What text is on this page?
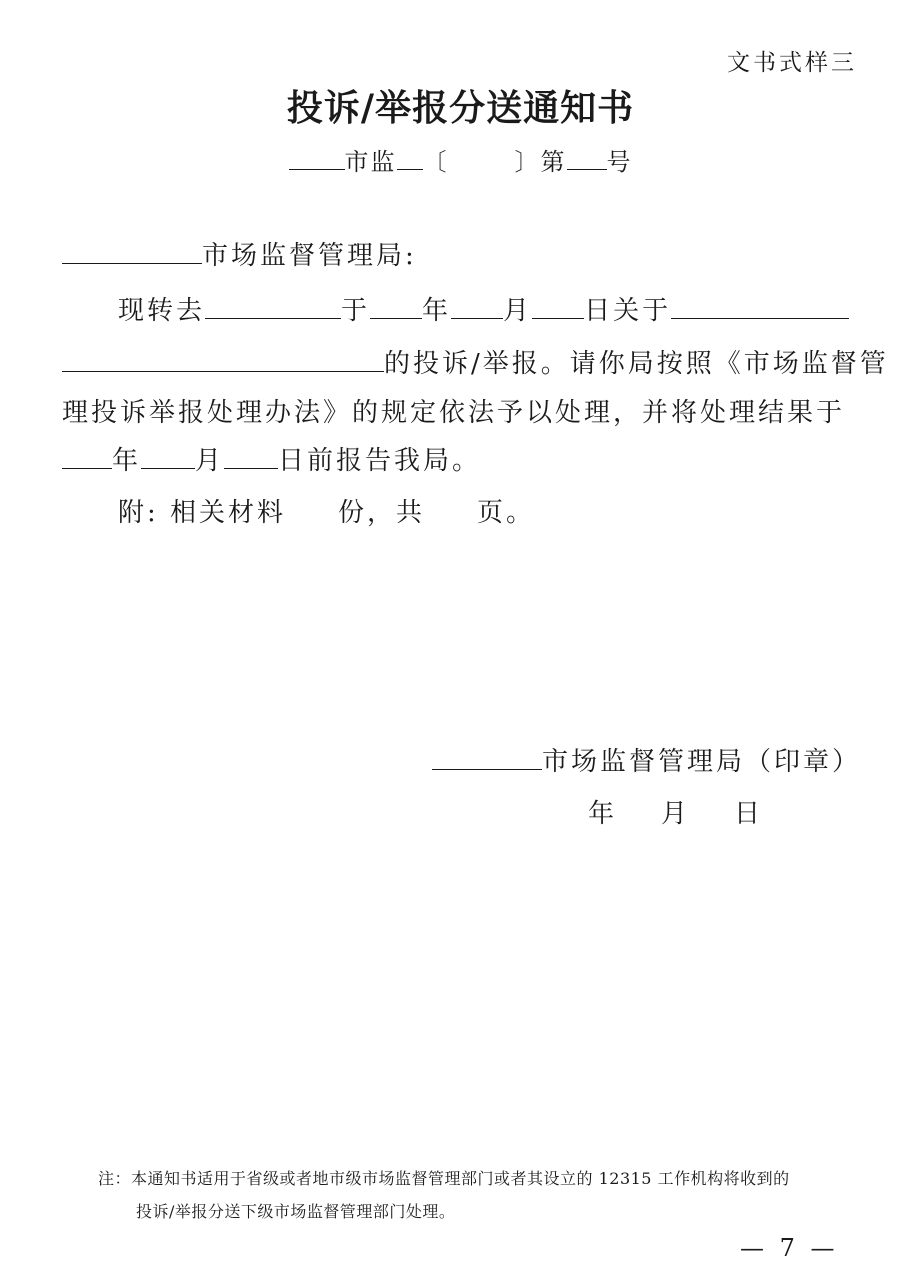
文书式样三
投诉/举报分送通知书
市监 〔	〕第 号
市场监督管理局:
现转去	于 年 月 日关于
的投诉/举报。请你局按照《市场监督管
理投诉举报处理办法》的规定依法予以处理，并将处理结果于
年 月 日前报告我局。
附: 相关材料 份，共 页。
市场监督管理局（印章）
年 月 日
注：本通知书适用于省级或者地市级市场监督管理部门或者其设立的 12315 工作机构将收到的
投诉/举报分送下级市场监督管理部门处理。
— 7 —
